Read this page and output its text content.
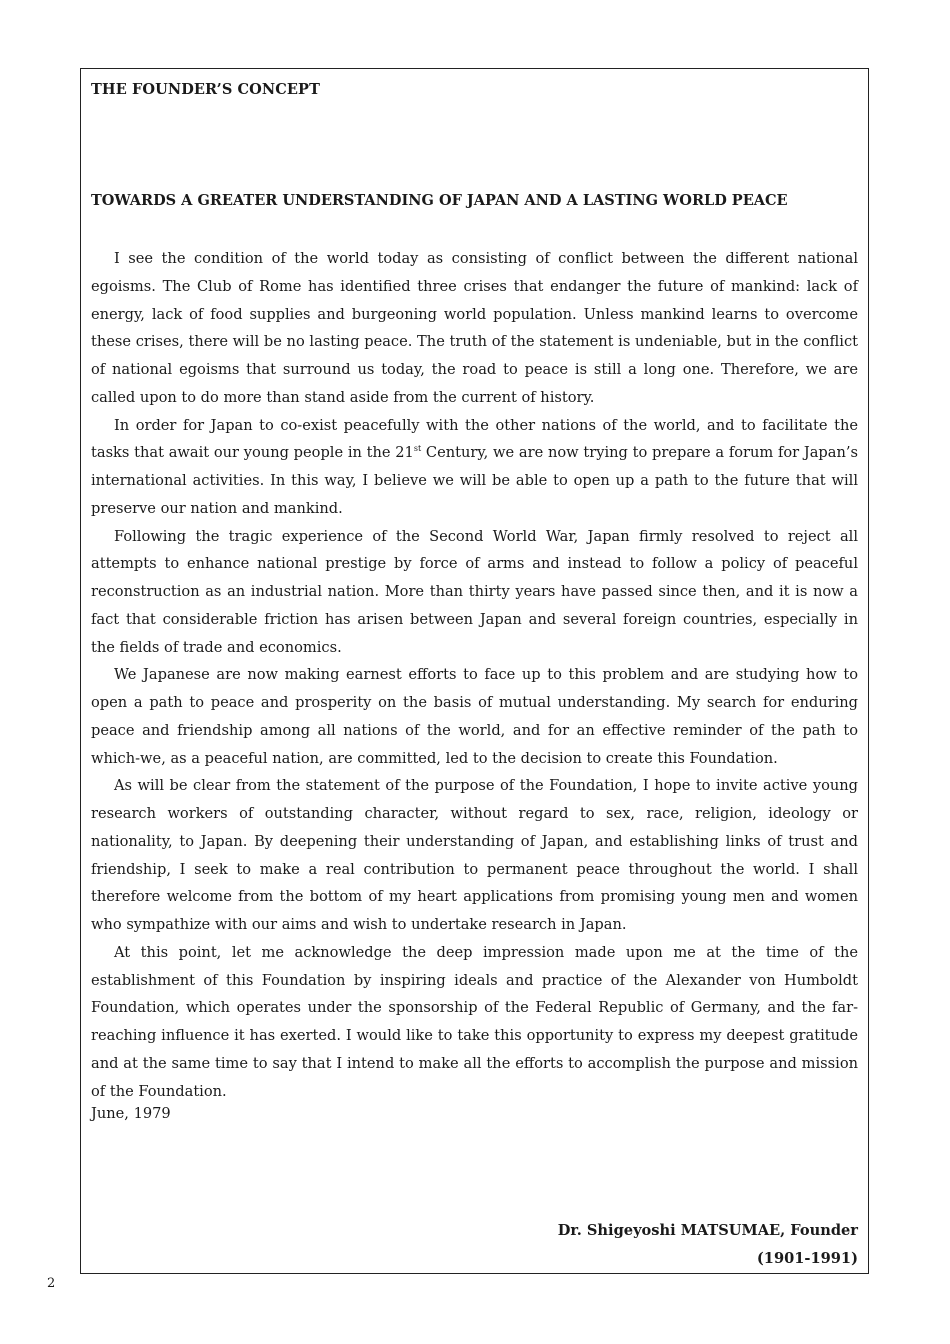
THE FOUNDER’S CONCEPT
TOWARDS A GREATER UNDERSTANDING OF JAPAN AND A LASTING WORLD PEACE

I see the condition of the world today as consisting of conflict between the different national egoisms. The Club of Rome has identified three crises that endanger the future of mankind: lack of energy, lack of food supplies and burgeoning world population. Unless mankind learns to overcome these crises, there will be no lasting peace. The truth of the statement is undeniable, but in the conflict of national egoisms that surround us today, the road to peace is still a long one. Therefore, we are called upon to do more than stand aside from the current of history.

In order for Japan to co-exist peacefully with the other nations of the world, and to facilitate the tasks that await our young people in the 21st Century, we are now trying to prepare a forum for Japan’s international activities. In this way, I believe we will be able to open up a path to the future that will preserve our nation and mankind.

Following the tragic experience of the Second World War, Japan firmly resolved to reject all attempts to enhance national prestige by force of arms and instead to follow a policy of peaceful reconstruction as an industrial nation. More than thirty years have passed since then, and it is now a fact that considerable friction has arisen between Japan and several foreign countries, especially in the fields of trade and economics.

We Japanese are now making earnest efforts to face up to this problem and are studying how to open a path to peace and prosperity on the basis of mutual understanding. My search for enduring peace and friendship among all nations of the world, and for an effective reminder of the path to which-we, as a peaceful nation, are committed, led to the decision to create this Foundation.

As will be clear from the statement of the purpose of the Foundation, I hope to invite active young research workers of outstanding character, without regard to sex, race, religion, ideology or nationality, to Japan. By deepening their understanding of Japan, and establishing links of trust and friendship, I seek to make a real contribution to permanent peace throughout the world. I shall therefore welcome from the bottom of my heart applications from promising young men and women who sympathize with our aims and wish to undertake research in Japan.

At this point, let me acknowledge the deep impression made upon me at the time of the establishment of this Foundation by inspiring ideals and practice of the Alexander von Humboldt Foundation, which operates under the sponsorship of the Federal Republic of Germany, and the far-reaching influence it has exerted. I would like to take this opportunity to express my deepest gratitude and at the same time to say that I intend to make all the efforts to accomplish the purpose and mission of the Foundation.

June, 1979

Dr. Shigeyoshi MATSUMAE, Founder
(1901-1991)
2
